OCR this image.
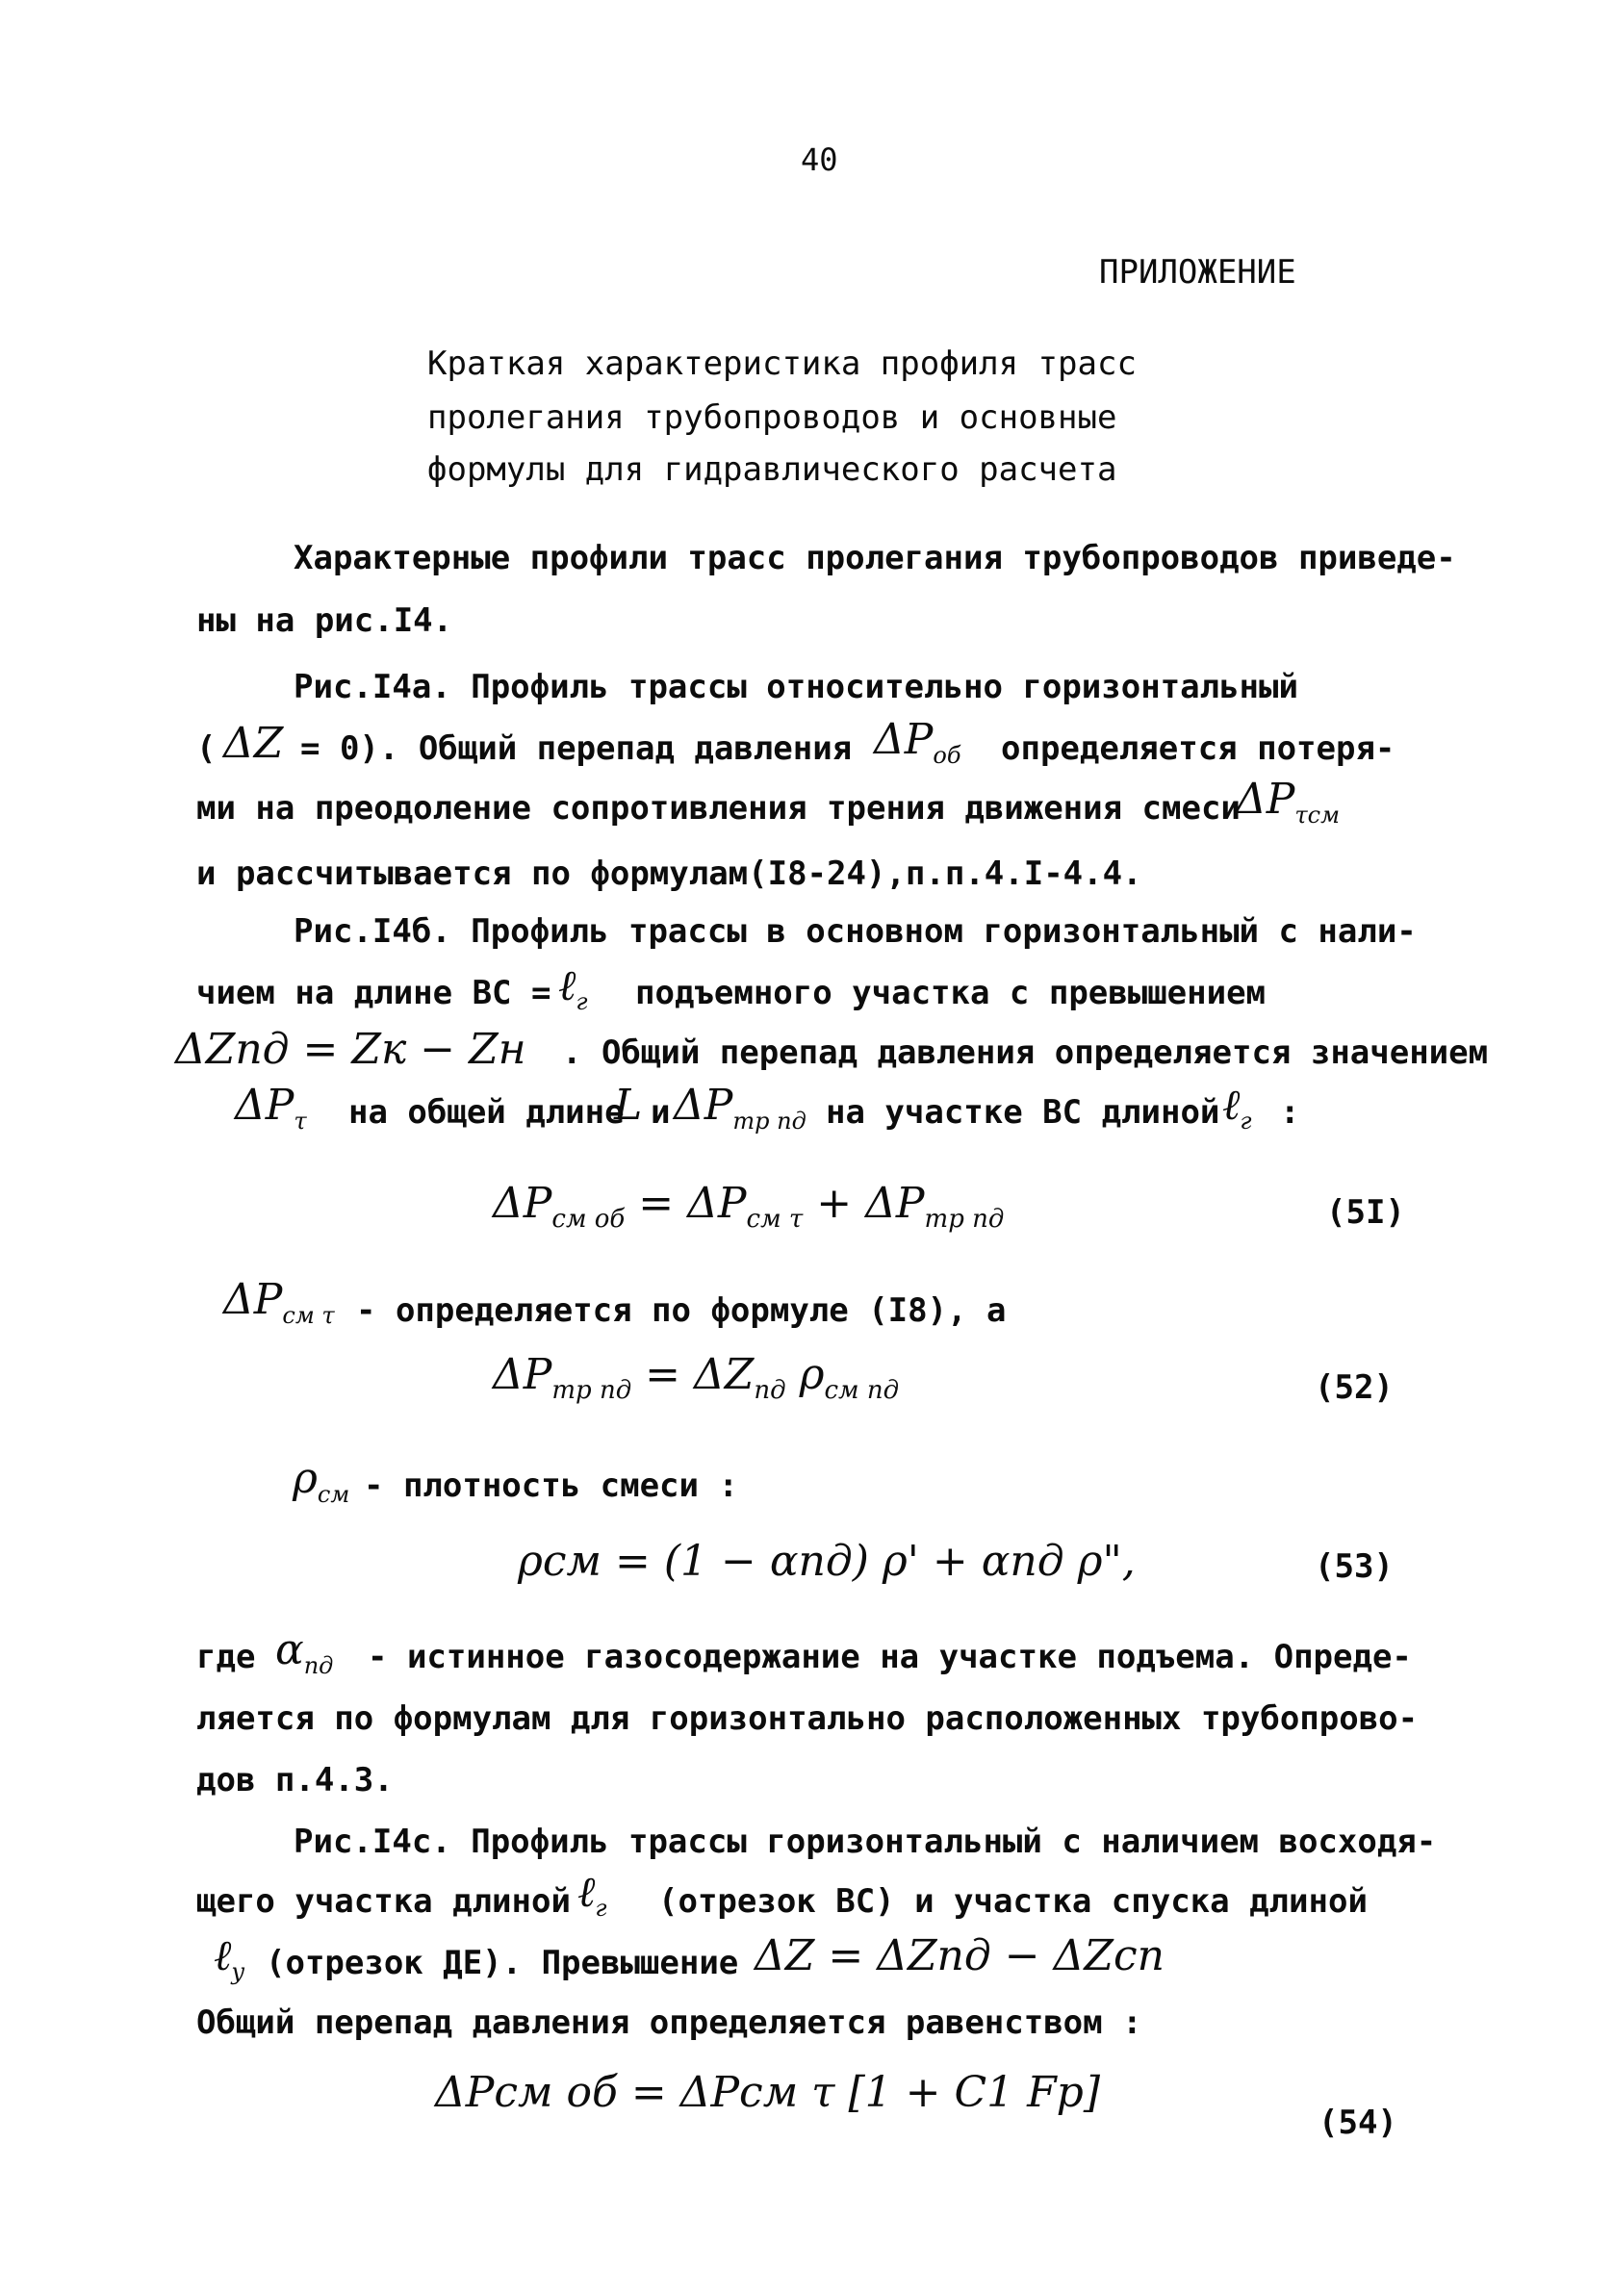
40
ПРИЛОЖЕНИЕ
Краткая характеристика профиля трасс
пролегания трубопроводов и основные
формулы для гидравлического расчета
Характерные профили трасс пролегания трубопроводов приведе-
ны на рис.I4.
Рис.I4а. Профиль трассы относительно горизонтальный
( ΔZ = 0). Общий перепад давления $\Delta P_{об}$ определяется потеря-
ми на преодоление сопротивления трения движения смеси
$\Delta P_{\tau см}$
и рассчитывается по формулам(I8-24),п.п.4.I-4.4.
Рис.I4б. Профиль трассы в основном горизонтальный с нали-
чием на длине ВС = ℓ$_г$ подъемного участка с превышением
ΔZпд = Zк − Zн . Общий перепад давления определяется значением
$\Delta P_\tau$ на общей длине
L и $\Delta P_{тр пд}$ на участке ВС длиной ℓ$_г$ :
$\Delta P_{см об} = \Delta P_{см \tau} + \Delta P_{тр пд}$	(5I)
$\Delta P_{см \tau}$ - определяется по формуле (I8), а
$\Delta P_{тр пд} = \Delta Z_{пд}$ $\rho_{см пд}$	(52)
$\rho_{см}$ - плотность смеси :
ρсм = (1 − αпд) ρ' + αпд ρ",	(53)
где $\alpha_{пд}$ - истинное газосодержание на участке подъема. Опреде-
ляется по формулам для горизонтально расположенных трубопрово-
дов п.4.3.
Рис.I4с. Профиль трассы горизонтальный с наличием восходя-
щего участка длиной ℓ$_г$ (отрезок ВС) и участка спуска длиной
ℓ$_у$ (отрезок ДЕ). Превышение ΔZ = ΔZпд − ΔZсп
Общий перепад давления определяется равенством :
ΔPсм об = ΔPсм τ [1 + C1 Fp]
(54)
